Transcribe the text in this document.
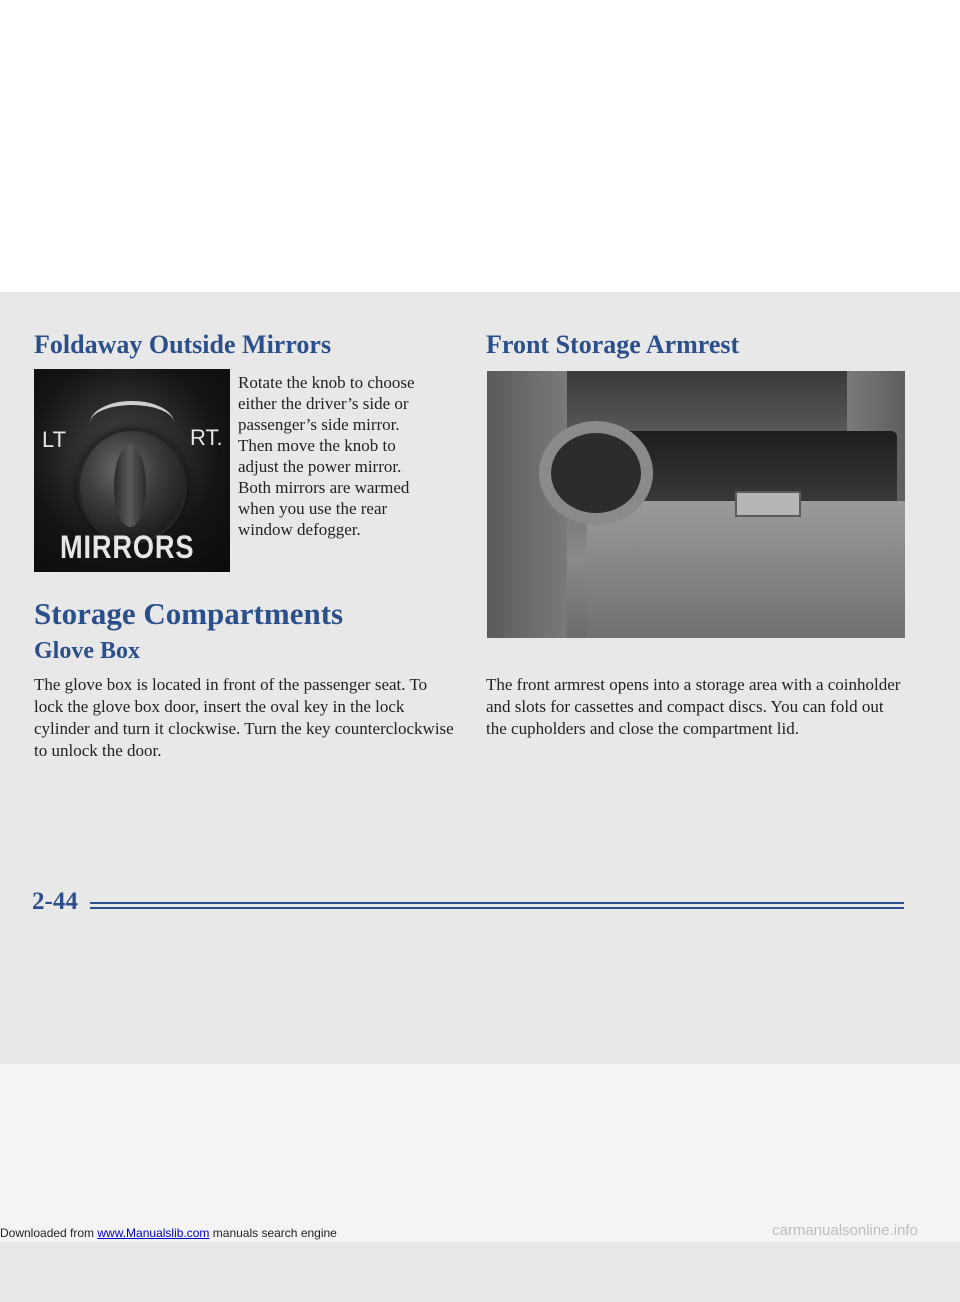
Foldaway Outside Mirrors
LT	RT.
MIRRORS

Rotate the knob to choose either the driver’s side or passenger’s side mirror. Then move the knob to adjust the power mirror. Both mirrors are warmed when you use the rear window defogger.

Storage Compartments
Glove Box

The glove box is located in front of the passenger seat. To lock the glove box door, insert the oval key in the lock cylinder and turn it clockwise. Turn the key counterclockwise to unlock the door.

Front Storage Armrest

The front armrest opens into a storage area with a coinholder and slots for cassettes and compact discs. You can fold out the cupholders and close the compartment lid.

2-44
Downloaded from www.Manualslib.com manuals search engine	carmanualsonline.info
